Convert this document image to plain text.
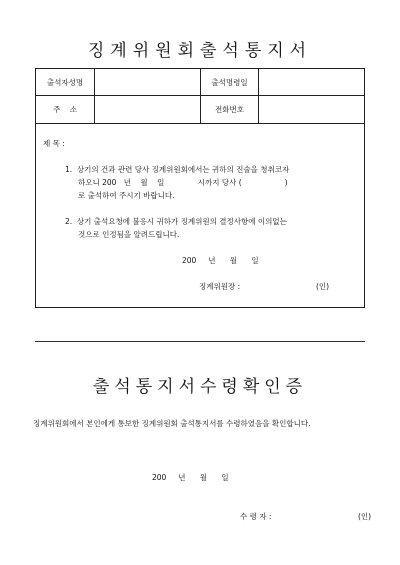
징계위원회출석통지서
출석자성명	출석명령일
주    소	전화번호
제 목 :
1.  상기의 건과 관련 당사 징계위원회에서는 귀하의 진술을 청취코자
하오니 200   년    월    일              시까지 당사 (                  )
로 출석하여 주시기 바랍니다.
2.  상기 출석요청에 불응시 귀하가 징계위원의 결정사항에 이의없는
것으로 인정됨을 알려드립니다.
200     년      월      일
징계위원장 :	(인)
출석통지서수령확인증
징계위원회에서 본인에게 통보한 징계위원회 출석통지서를 수령하였음을 확인합니다.
200     년      월      일
수 령 자 :	(인)
